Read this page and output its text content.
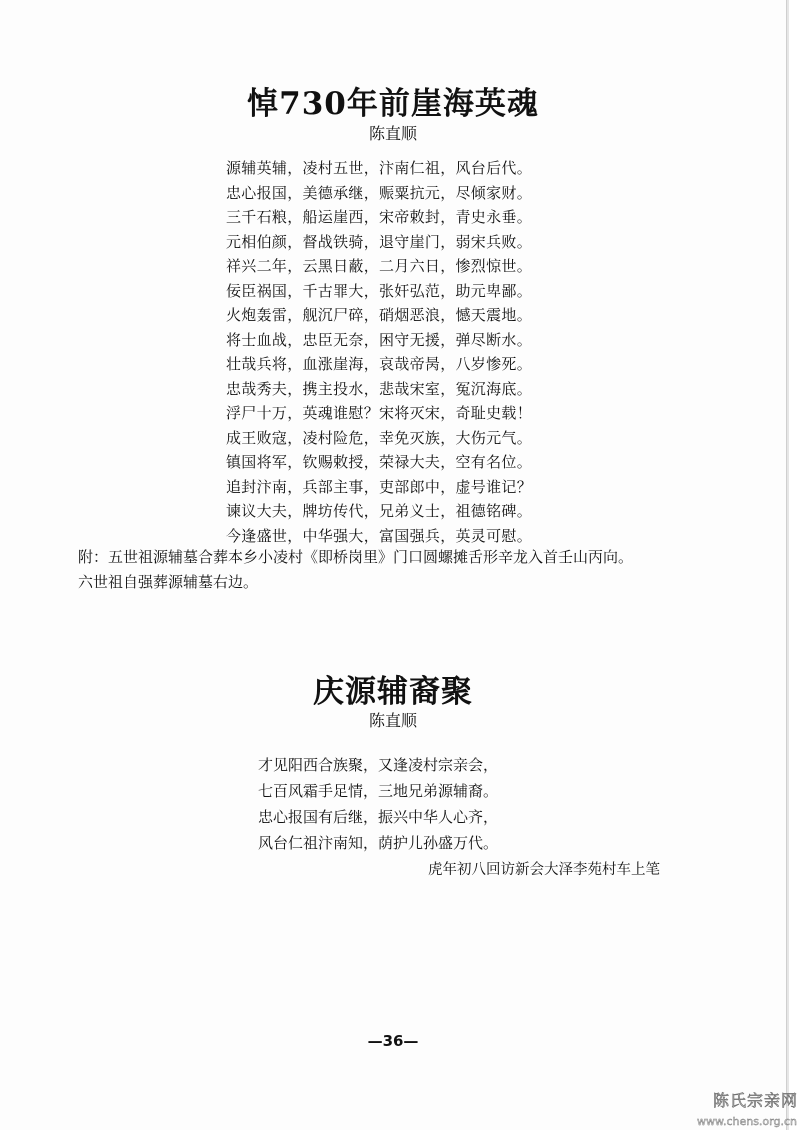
悼730年前崖海英魂
陈直顺
源辅英辅，凌村五世，汴南仁祖，风台后代。
忠心报国，美德承继，赈粟抗元，尽倾家财。
三千石粮，船运崖西，宋帝敕封，青史永垂。
元相伯颜，督战铁骑，退守崖门，弱宋兵败。
祥兴二年，云黑日蔽，二月六日，惨烈惊世。
佞臣祸国，千古罪大，张奸弘范，助元卑鄙。
火炮轰雷，舰沉尸碎，硝烟恶浪，憾天震地。
将士血战，忠臣无奈，困守无援，弹尽断水。
壮哉兵将，血涨崖海，哀哉帝昺，八岁惨死。
忠哉秀夫，携主投水，悲哉宋室，冤沉海底。
浮尸十万，英魂谁慰？宋将灭宋，奇耻史载！
成王败寇，凌村险危，幸免灭族，大伤元气。
镇国将军，钦赐敕授，荣禄大夫，空有名位。
追封汴南，兵部主事，吏部郎中，虚号谁记？
谏议大夫，牌坊传代，兄弟义士，祖德铭碑。
今逢盛世，中华强大，富国强兵，英灵可慰。
附：五世祖源辅墓合葬本乡小凌村《即桥岗里》门口圆螺摊舌形辛龙入首壬山丙向。
六世祖自强葬源辅墓右边。
庆源辅裔聚
陈直顺
才见阳西合族聚，又逢凌村宗亲会，
七百风霜手足情，三地兄弟源辅裔。
忠心报国有后继，振兴中华人心齐，
风台仁祖汴南知，荫护儿孙盛万代。
虎年初八回访新会大泽李苑村车上笔
—36—
陈氏宗亲网
www.chens.org.cn
